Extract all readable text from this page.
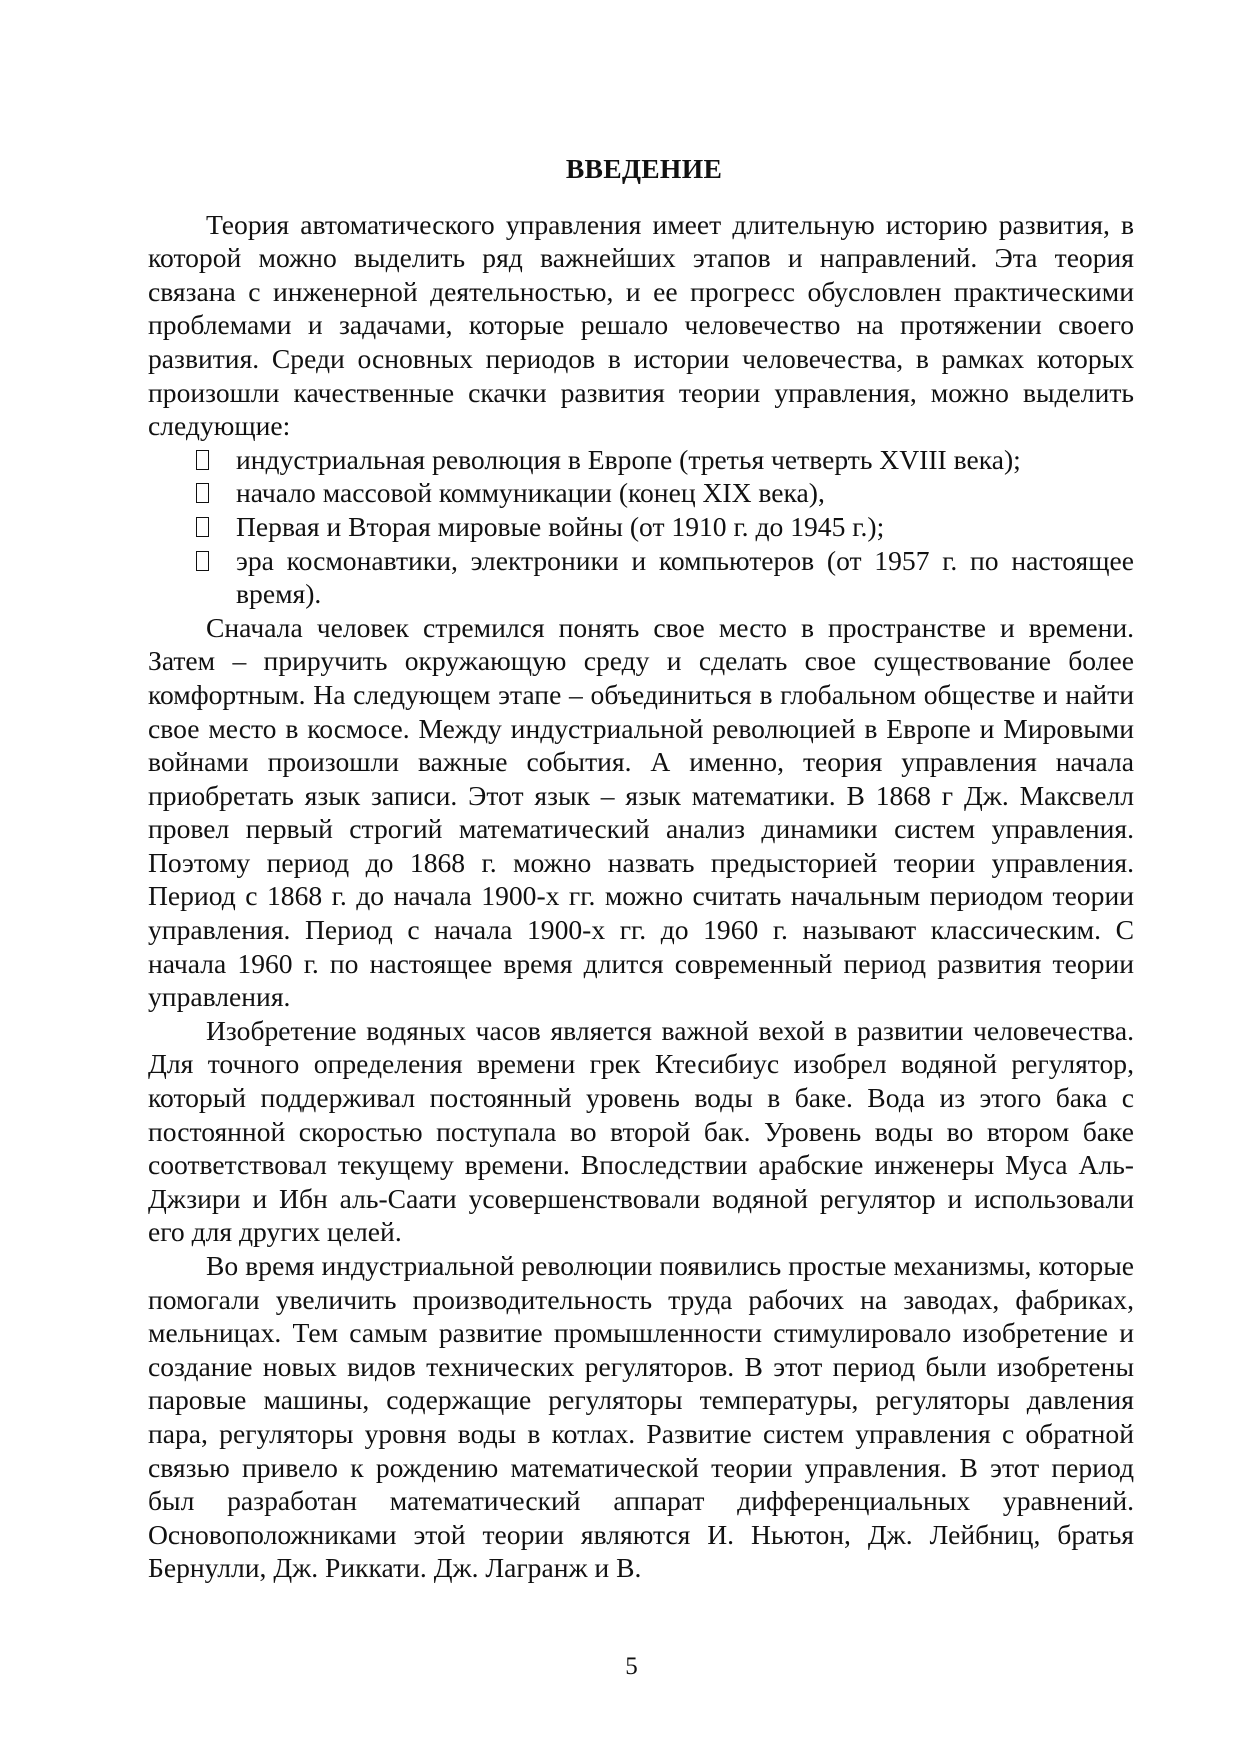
ВВЕДЕНИЕ

Теория автоматического управления имеет длительную историю развития, в которой можно выделить ряд важнейших этапов и направлений. Эта теория связана с инженерной деятельностью, и ее прогресс обусловлен практическими проблемами и задачами, которые решало человечество на протяжении своего развития. Среди основных периодов в истории человечества, в рамках которых произошли качественные скачки развития теории управления, можно выделить следующие:

индустриальная революция в Европе (третья четверть XVIII века);
начало массовой коммуникации (конец XIX века),
Первая и Вторая мировые войны (от 1910 г. до 1945 г.);
эра космонавтики, электроники и компьютеров (от 1957 г. по настоящее время).

Сначала человек стремился понять свое место в пространстве и времени. Затем – приручить окружающую среду и сделать свое существование более комфортным. На следующем этапе – объединиться в глобальном обществе и найти свое место в космосе. Между индустриальной революцией в Европе и Мировыми войнами произошли важные события. А именно, теория управления начала приобретать язык записи. Этот язык – язык математики. В 1868 г Дж. Максвелл провел первый строгий математический анализ динамики систем управления. Поэтому период до 1868 г. можно назвать предысторией теории управления. Период с 1868 г. до начала 1900-х гг. можно считать начальным периодом теории управления. Период с начала 1900-х гг. до 1960 г. называют классическим. С начала 1960 г. по настоящее время длится современный период развития теории управления.

Изобретение водяных часов является важной вехой в развитии человечества. Для точного определения времени грек Ктесибиус изобрел водяной регулятор, который поддерживал постоянный уровень воды в баке. Вода из этого бака с постоянной скоростью поступала во второй бак. Уровень воды во втором баке соответствовал текущему времени. Впоследствии арабские инженеры Муса Аль-Джзири и Ибн аль-Саати усовершенствовали водяной регулятор и использовали его для других целей.

Во время индустриальной революции появились простые механизмы, которые помогали увеличить производительность труда рабочих на заводах, фабриках, мельницах. Тем самым развитие промышленности стимулировало изобретение и создание новых видов технических регуляторов. В этот период были изобретены паровые машины, содержащие регуляторы температуры, регуляторы давления пара, регуляторы уровня воды в котлах. Развитие систем управления с обратной связью привело к рождению математической теории управления. В этот период был разработан математический аппарат дифференциальных уравнений. Основоположниками этой теории являются И. Ньютон, Дж. Лейбниц, братья Бернулли, Дж. Риккати. Дж. Лагранж и В.

5
